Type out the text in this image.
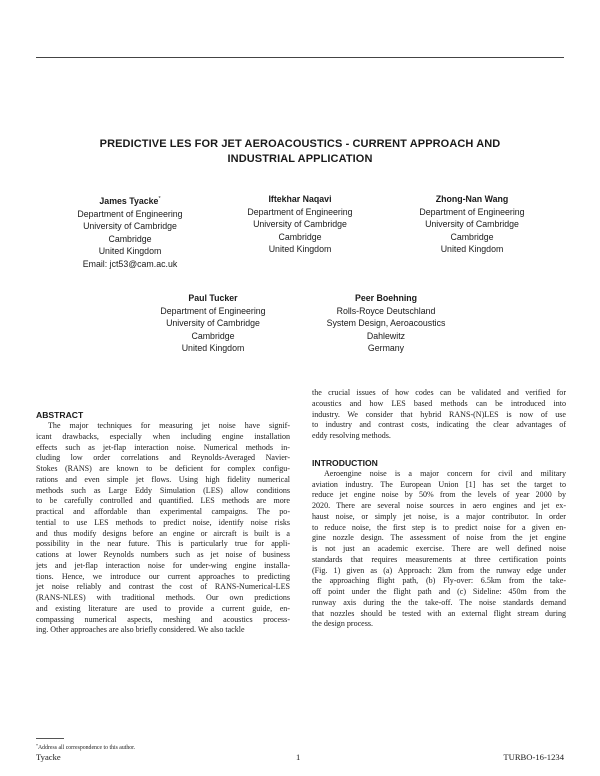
PREDICTIVE LES FOR JET AEROACOUSTICS - CURRENT APPROACH AND
INDUSTRIAL APPLICATION
James Tyacke*
Department of Engineering
University of Cambridge
Cambridge
United Kingdom
Email: jct53@cam.ac.uk
Iftekhar Naqavi
Department of Engineering
University of Cambridge
Cambridge
United Kingdom
Zhong-Nan Wang
Department of Engineering
University of Cambridge
Cambridge
United Kingdom
Paul Tucker
Department of Engineering
University of Cambridge
Cambridge
United Kingdom
Peer Boehning
Rolls-Royce Deutschland
System Design, Aeroacoustics
Dahlewitz
Germany

ABSTRACT

The major techniques for measuring jet noise have signif-
icant drawbacks, especially when including engine installation
effects such as jet-flap interaction noise. Numerical methods in-
cluding low order correlations and Reynolds-Averaged Navier-
Stokes (RANS) are known to be deficient for complex configu-
rations and even simple jet flows. Using high fidelity numerical
methods such as Large Eddy Simulation (LES) allow conditions
to be carefully controlled and quantified. LES methods are more
practical and affordable than experimental campaigns. The po-
tential to use LES methods to predict noise, identify noise risks
and thus modify designs before an engine or aircraft is built is a
possibility in the near future. This is particularly true for appli-
cations at lower Reynolds numbers such as jet noise of business
jets and jet-flap interaction noise for under-wing engine installa-
tions. Hence, we introduce our current approaches to predicting
jet noise reliably and contrast the cost of RANS-Numerical-LES
(RANS-NLES) with traditional methods. Our own predictions
and existing literature are used to provide a current guide, en-
compassing numerical aspects, meshing and acoustics process-
ing. Other approaches are also briefly considered. We also tackle
the crucial issues of how codes can be validated and verified for
acoustics and how LES based methods can be introduced into
industry. We consider that hybrid RANS-(N)LES is now of use
to industry and contrast costs, indicating the clear advantages of
eddy resolving methods.

INTRODUCTION

Aeroengine noise is a major concern for civil and military
aviation industry. The European Union [1] has set the target to
reduce jet engine noise by 50% from the levels of year 2000 by
2020. There are several noise sources in aero engines and jet ex-
haust noise, or simply jet noise, is a major contributor. In order
to reduce noise, the first step is to predict noise for a given en-
gine nozzle design. The assessment of noise from the jet engine
is not just an academic exercise. There are well defined noise
standards that requires measurements at three certification points
(Fig. 1) given as (a) Approach: 2km from the runway edge under
the approaching flight path, (b) Fly-over: 6.5km from the take-
off point under the flight path and (c) Sideline: 450m from the
runway axis during the the take-off. The noise standards demand
that nozzles should be tested with an external flight stream during
the design process.
*Address all correspondence to this author.
Tyacke	1	TURBO-16-1234
